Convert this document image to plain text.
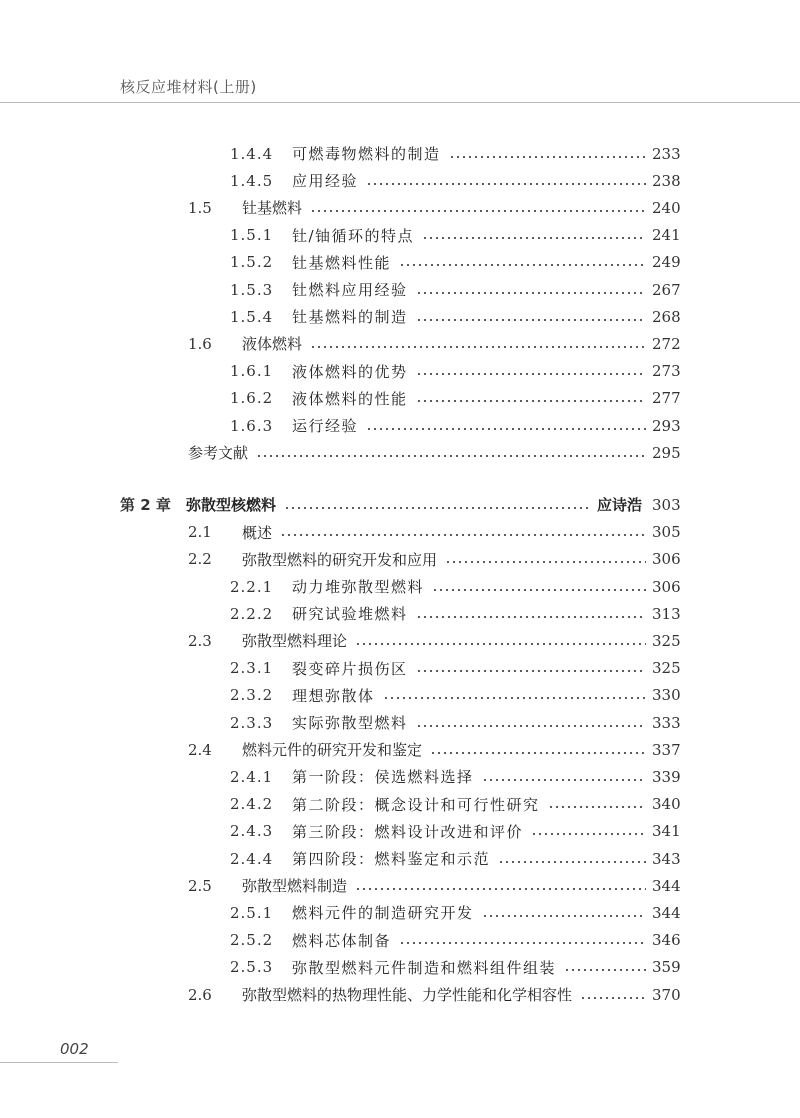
核反应堆材料(上册)
1.4.4	可燃毒物燃料的制造	233
1.4.5	应用经验	238
1.5	钍基燃料	240
1.5.1	钍/铀循环的特点	241
1.5.2	钍基燃料性能	249
1.5.3	钍燃料应用经验	267
1.5.4	钍基燃料的制造	268
1.6	液体燃料	272
1.6.1	液体燃料的优势	273
1.6.2	液体燃料的性能	277
1.6.3	运行经验	293
参考文献	295
第 2 章	弥散型核燃料	应诗浩 303
2.1	概述	305
2.2	弥散型燃料的研究开发和应用	306
2.2.1	动力堆弥散型燃料	306
2.2.2	研究试验堆燃料	313
2.3	弥散型燃料理论	325
2.3.1	裂变碎片损伤区	325
2.3.2	理想弥散体	330
2.3.3	实际弥散型燃料	333
2.4	燃料元件的研究开发和鉴定	337
2.4.1	第一阶段：侯选燃料选择	339
2.4.2	第二阶段：概念设计和可行性研究	340
2.4.3	第三阶段：燃料设计改进和评价	341
2.4.4	第四阶段：燃料鉴定和示范	343
2.5	弥散型燃料制造	344
2.5.1	燃料元件的制造研究开发	344
2.5.2	燃料芯体制备	346
2.5.3	弥散型燃料元件制造和燃料组件组装	359
2.6	弥散型燃料的热物理性能、力学性能和化学相容性	370
002
